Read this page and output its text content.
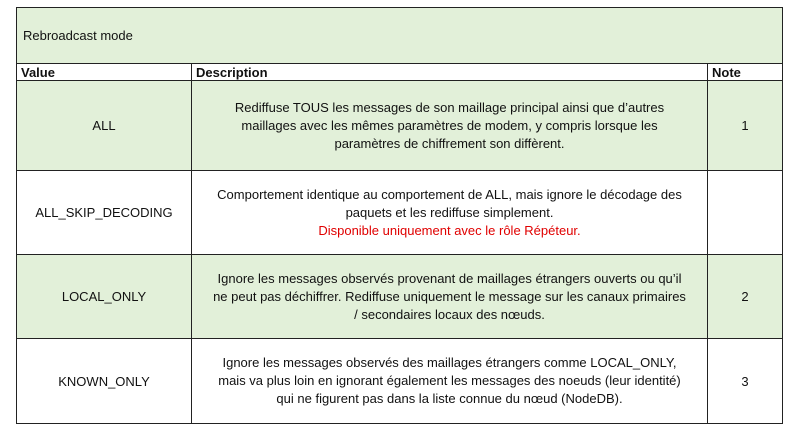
Rebroadcast mode
Value	Description	Note
ALL
Rediffuse TOUS les messages de son maillage principal ainsi que d’autres maillages avec les mêmes paramètres de modem, y compris lorsque les paramètres de chiffrement son diffèrent.
1
ALL_SKIP_DECODING
Comportement identique au comportement de ALL, mais ignore le décodage des paquets et les rediffuse simplement.
Disponible uniquement avec le rôle Répéteur.
LOCAL_ONLY
Ignore les messages observés provenant de maillages étrangers ouverts ou qu’il ne peut pas déchiffrer. Rediffuse uniquement le message sur les canaux primaires / secondaires locaux des nœuds.
2
KNOWN_ONLY
Ignore les messages observés des maillages étrangers comme LOCAL_ONLY, mais va plus loin en ignorant également les messages des noeuds (leur identité) qui ne figurent pas dans la liste connue du nœud (NodeDB).
3
